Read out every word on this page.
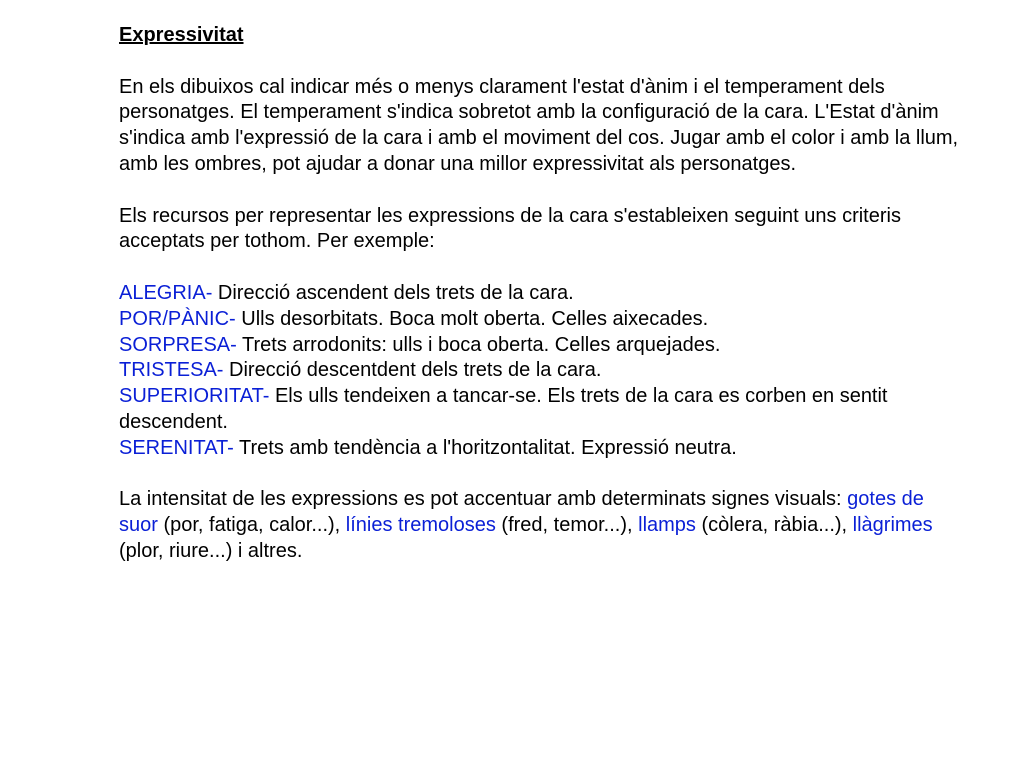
Expressivitat

En els dibuixos cal indicar més o menys clarament l'estat d'ànim i el temperament dels personatges. El temperament s'indica sobretot amb la configuració de la cara. L'Estat d'ànim s'indica amb l'expressió de la cara i amb el moviment del cos. Jugar amb el color i amb la llum, amb les ombres, pot ajudar a donar una millor expressivitat als personatges.

Els recursos per representar les expressions de la cara s'estableixen seguint uns criteris acceptats per tothom. Per exemple:

ALEGRIA- Direcció ascendent dels trets de la cara.

POR/PÀNIC- Ulls desorbitats. Boca molt oberta. Celles aixecades.

SORPRESA- Trets arrodonits: ulls i boca oberta. Celles arquejades.

TRISTESA- Direcció descentdent dels trets de la cara.

SUPERIORITAT- Els ulls tendeixen a tancar-se. Els trets de la cara es corben en sentit descendent.

SERENITAT- Trets amb tendència a l'horitzontalitat. Expressió neutra.

La intensitat de les expressions es pot accentuar amb determinats signes visuals: gotes de suor (por, fatiga, calor...), línies tremoloses (fred, temor...), llamps (còlera, ràbia...), llàgrimes (plor, riure...) i altres.
